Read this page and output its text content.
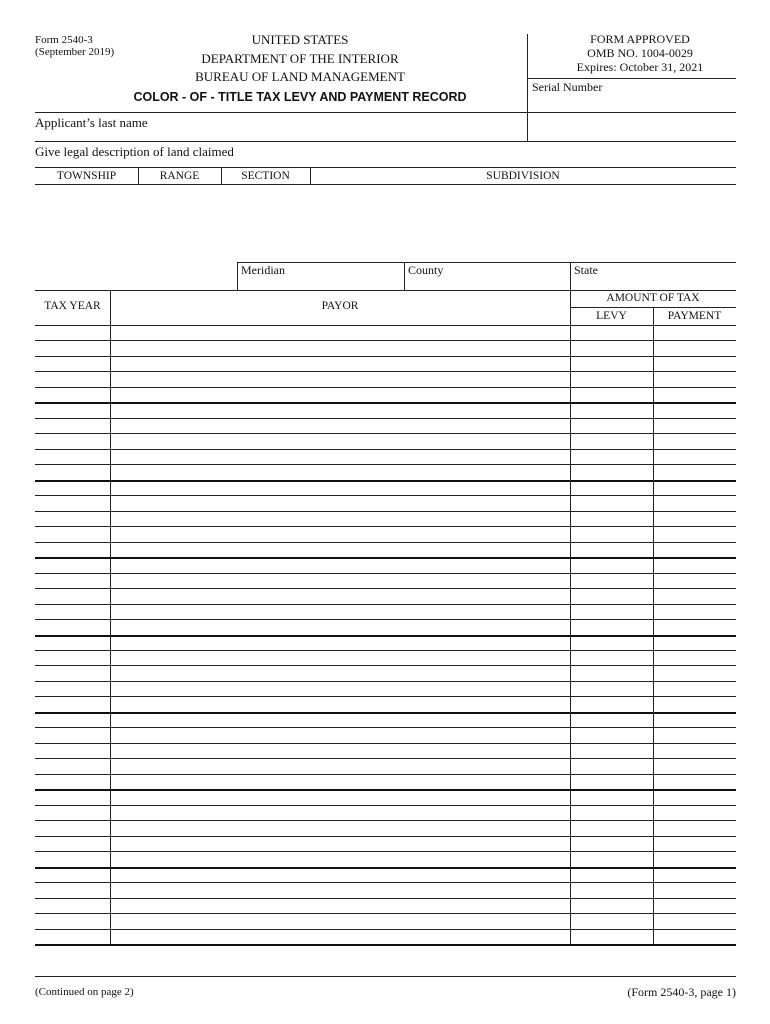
Form 2540-3
(September 2019)
UNITED STATES
DEPARTMENT OF THE INTERIOR
BUREAU OF LAND MANAGEMENT
COLOR - OF - TITLE TAX LEVY AND PAYMENT RECORD
FORM APPROVED
OMB NO. 1004-0029
Expires: October 31, 2021
Serial Number
Applicant’s last name
Give legal description of land claimed
TOWNSHIP	RANGE	SECTION	SUBDIVISION
Meridian	County	State
TAX YEAR	PAYOR
AMOUNT OF TAX
LEVY	PAYMENT
(Continued on page 2)	(Form 2540-3, page 1)
